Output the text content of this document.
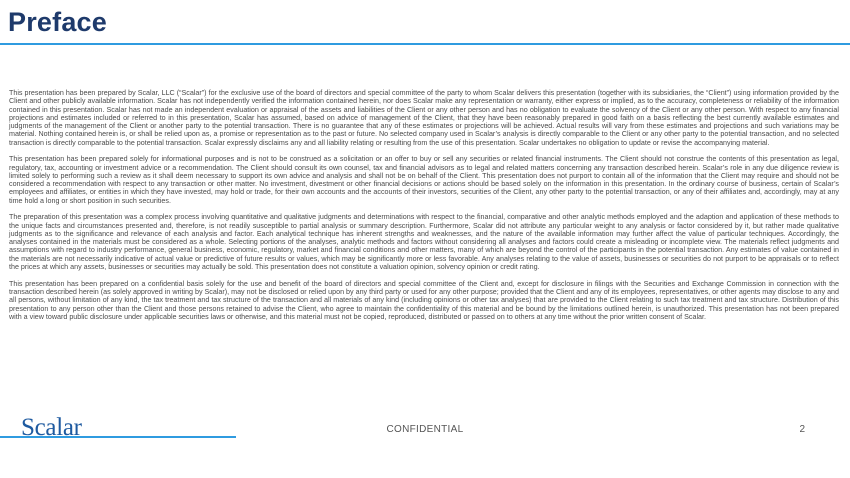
Preface

This presentation has been prepared by Scalar, LLC (“Scalar”) for the exclusive use of the board of directors and special committee of the party to whom Scalar delivers this presentation (together with its subsidiaries, the “Client”) using information provided by the Client and other publicly available information. Scalar has not independently verified the information contained herein, nor does Scalar make any representation or warranty, either express or implied, as to the accuracy, completeness or reliability of the information contained in this presentation. Scalar has not made an independent evaluation or appraisal of the assets and liabilities of the Client or any other person and has no obligation to evaluate the solvency of the Client or any other person. With respect to any financial projections and estimates included or referred to in this presentation, Scalar has assumed, based on advice of management of the Client, that they have been reasonably prepared in good faith on a basis reflecting the best currently available estimates and judgments of the management of the Client or another party to the potential transaction. There is no guarantee that any of these estimates or projections will be achieved. Actual results will vary from these estimates and projections and such variations may be material. Nothing contained herein is, or shall be relied upon as, a promise or representation as to the past or future. No selected company used in Scalar’s analysis is directly comparable to the Client or any other party to the potential transaction, and no selected transaction is directly comparable to the potential transaction. Scalar expressly disclaims any and all liability relating or resulting from the use of this presentation. Scalar undertakes no obligation to update or revise the accompanying material.

This presentation has been prepared solely for informational purposes and is not to be construed as a solicitation or an offer to buy or sell any securities or related financial instruments. The Client should not construe the contents of this presentation as legal, regulatory, tax, accounting or investment advice or a recommendation. The Client should consult its own counsel, tax and financial advisors as to legal and related matters concerning any transaction described herein. Scalar’s role in any due diligence review is limited solely to performing such a review as it shall deem necessary to support its own advice and analysis and shall not be on behalf of the Client. This presentation does not purport to contain all of the information that the Client may require and should not be considered a recommendation with respect to any transaction or other matter. No investment, divestment or other financial decisions or actions should be based solely on the information in this presentation. In the ordinary course of business, certain of Scalar’s employees and affiliates, or entities in which they have invested, may hold or trade, for their own accounts and the accounts of their investors, securities of the Client, any other party to the potential transaction, or any of their affiliates and, accordingly, may at any time hold a long or short position in such securities.

The preparation of this presentation was a complex process involving quantitative and qualitative judgments and determinations with respect to the financial, comparative and other analytic methods employed and the adaption and application of these methods to the unique facts and circumstances presented and, therefore, is not readily susceptible to partial analysis or summary description. Furthermore, Scalar did not attribute any particular weight to any analysis or factor considered by it, but rather made qualitative judgments as to the significance and relevance of each analysis and factor. Each analytical technique has inherent strengths and weaknesses, and the nature of the available information may further affect the value of particular techniques. Accordingly, the analyses contained in the materials must be considered as a whole. Selecting portions of the analyses, analytic methods and factors without considering all analyses and factors could create a misleading or incomplete view. The materials reflect judgments and assumptions with regard to industry performance, general business, economic, regulatory, market and financial conditions and other matters, many of which are beyond the control of the participants in the potential transaction. Any estimates of value contained in the materials are not necessarily indicative of actual value or predictive of future results or values, which may be significantly more or less favorable. Any analyses relating to the value of assets, businesses or securities do not purport to be appraisals or to reflect the prices at which any assets, businesses or securities may actually be sold. This presentation does not constitute a valuation opinion, solvency opinion or credit rating.

This presentation has been prepared on a confidential basis solely for the use and benefit of the board of directors and special committee of the Client and, except for disclosure in filings with the Securities and Exchange Commission in connection with the transaction described herein (as solely approved in writing by Scalar), may not be disclosed or relied upon by any third party or used for any other purpose; provided that the Client and any of its employees, representatives, or other agents may disclose to any and all persons, without limitation of any kind, the tax treatment and tax structure of the transaction and all materials of any kind (including opinions or other tax analyses) that are provided to the Client relating to such tax treatment and tax structure. Distribution of this presentation to any person other than the Client and those persons retained to advise the Client, who agree to maintain the confidentiality of this material and be bound by the limitations outlined herein, is unauthorized. This presentation has not been prepared with a view toward public disclosure under applicable securities laws or otherwise, and this material must not be copied, reproduced, distributed or passed on to others at any time without the prior written consent of Scalar.

Scalar	CONFIDENTIAL	2
